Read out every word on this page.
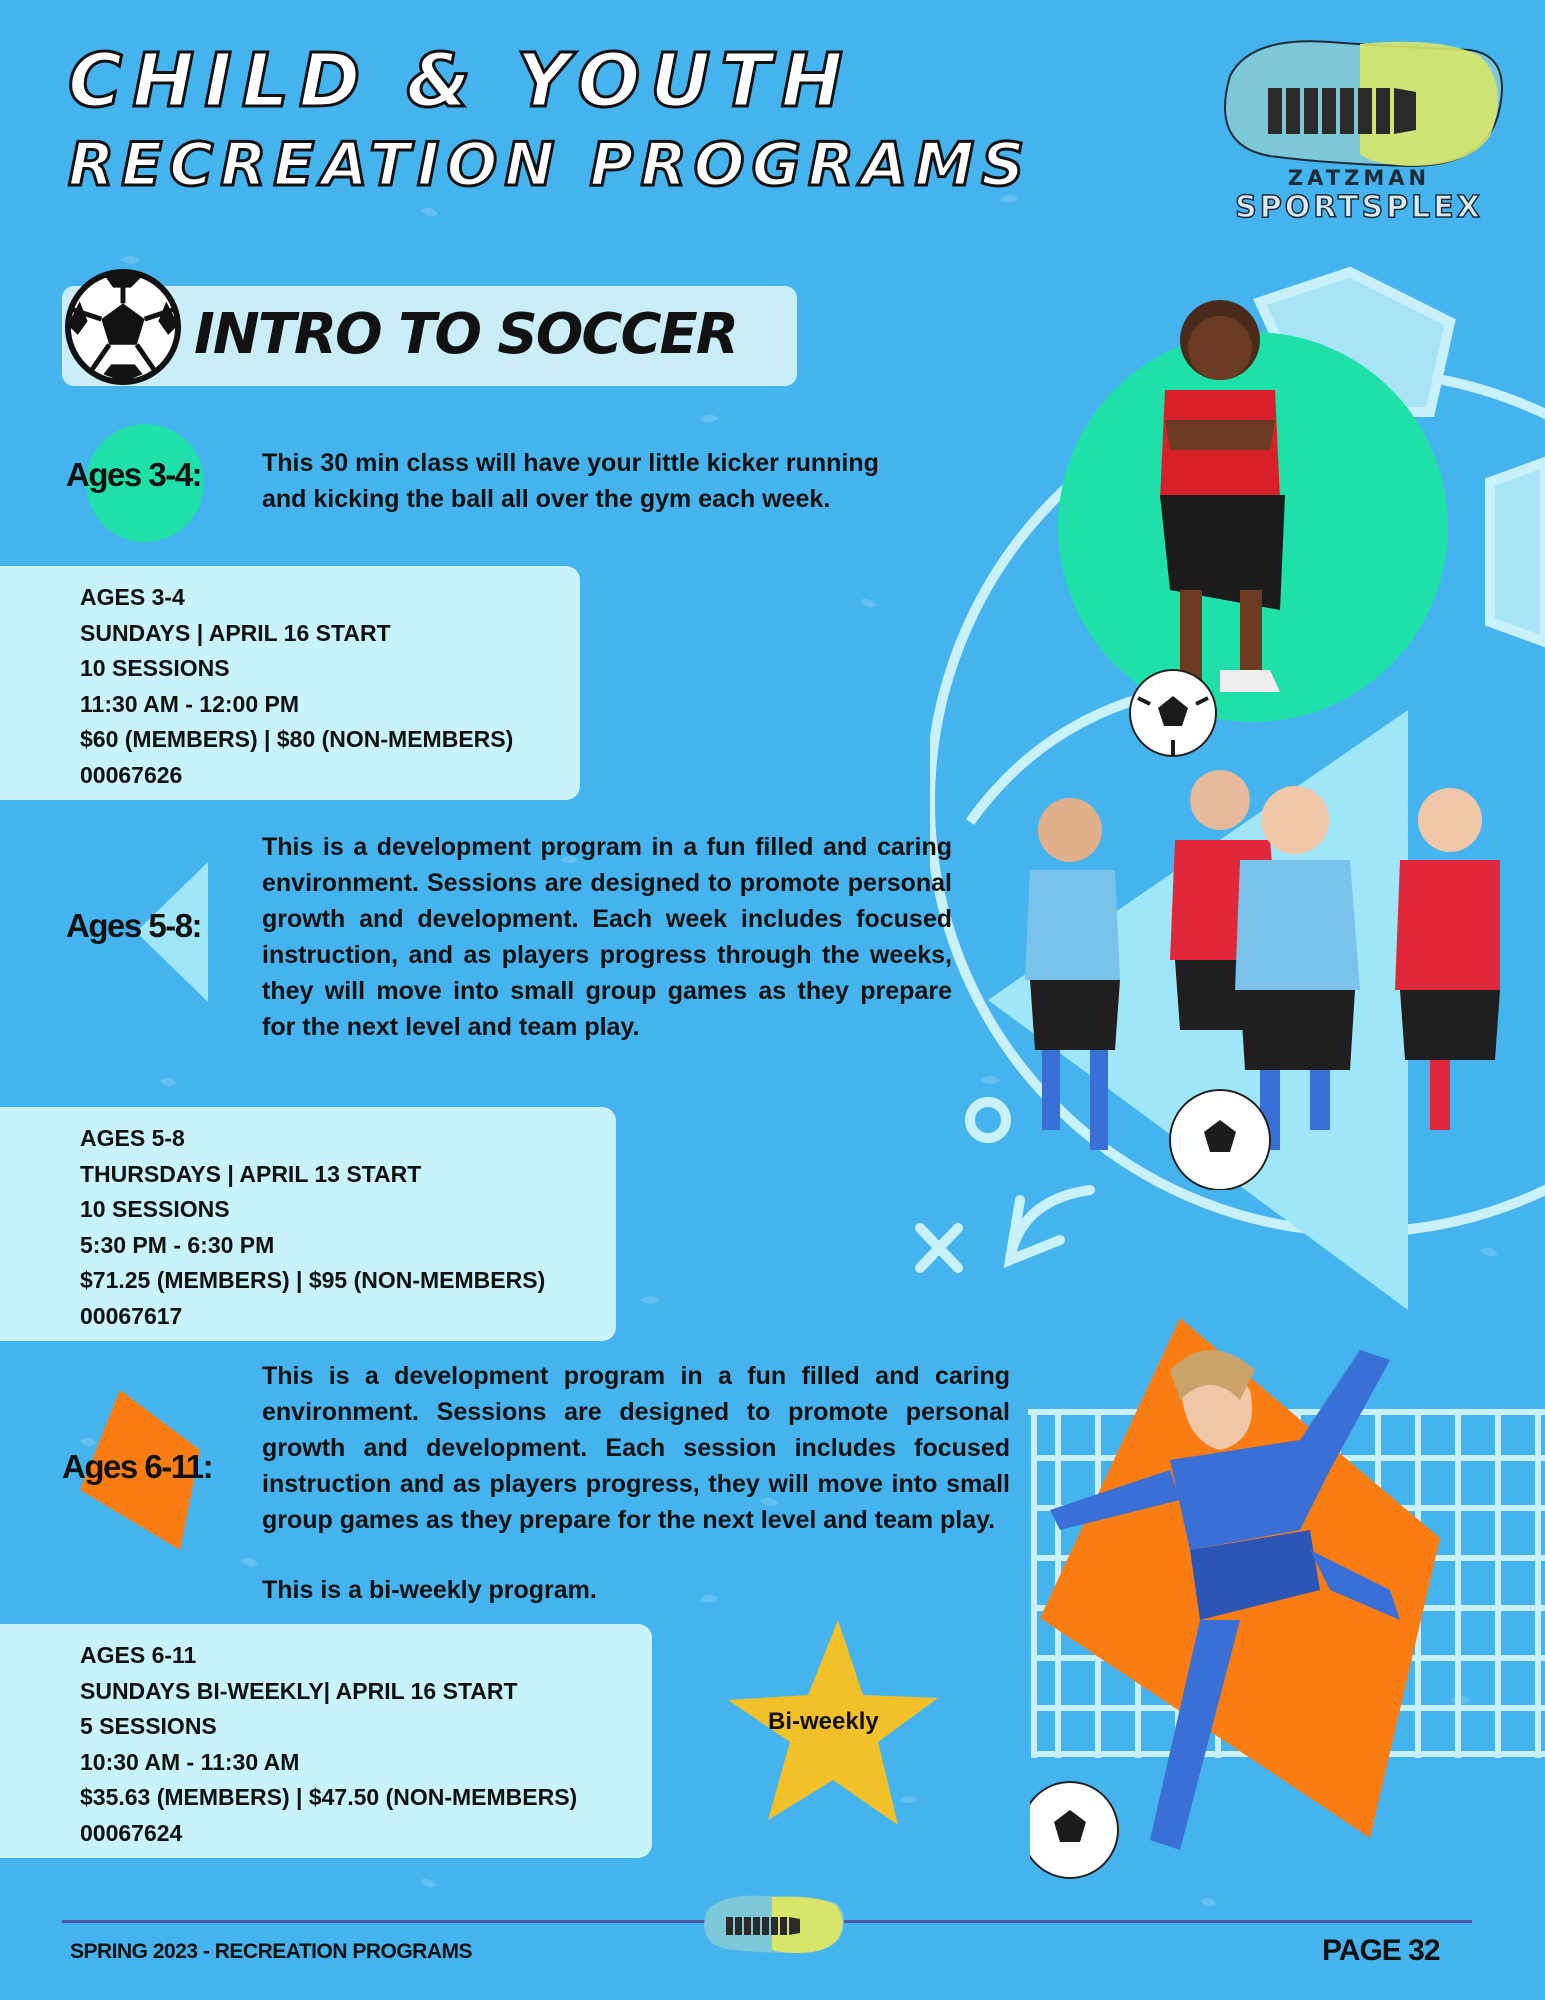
CHILD & YOUTH
RECREATION PROGRAMS	ZATZMAN
SPORTSPLEX
INTRO TO SOCCER
Ages 3-4: This 30 min class will have your little kicker running and kicking the ball all over the gym each week.
AGES 3-4
SUNDAYS | APRIL 16 START
10 SESSIONS
11:30 AM - 12:00 PM
$60 (MEMBERS) | $80 (NON-MEMBERS)
00067626
Ages 5-8:
This is a development program in a fun filled and caring environment. Sessions are designed to promote personal growth and development. Each week includes focused instruction, and as players progress through the weeks, they will move into small group games as they prepare for the next level and team play.
AGES 5-8
THURSDAYS | APRIL 13 START
10 SESSIONS
5:30 PM - 6:30 PM
$71.25 (MEMBERS) | $95 (NON-MEMBERS)
00067617
Ages 6-11:
This is a development program in a fun filled and caring environment. Sessions are designed to promote personal growth and development. Each session includes focused instruction and as players progress, they will move into small group games as they prepare for the next level and team play.
This is a bi-weekly program.
AGES 6-11
SUNDAYS BI-WEEKLY| APRIL 16 START
5 SESSIONS
10:30 AM - 11:30 AM
$35.63 (MEMBERS) | $47.50 (NON-MEMBERS)
00067624
Bi-weekly
SPRING 2023 - RECREATION PROGRAMS	PAGE 32
